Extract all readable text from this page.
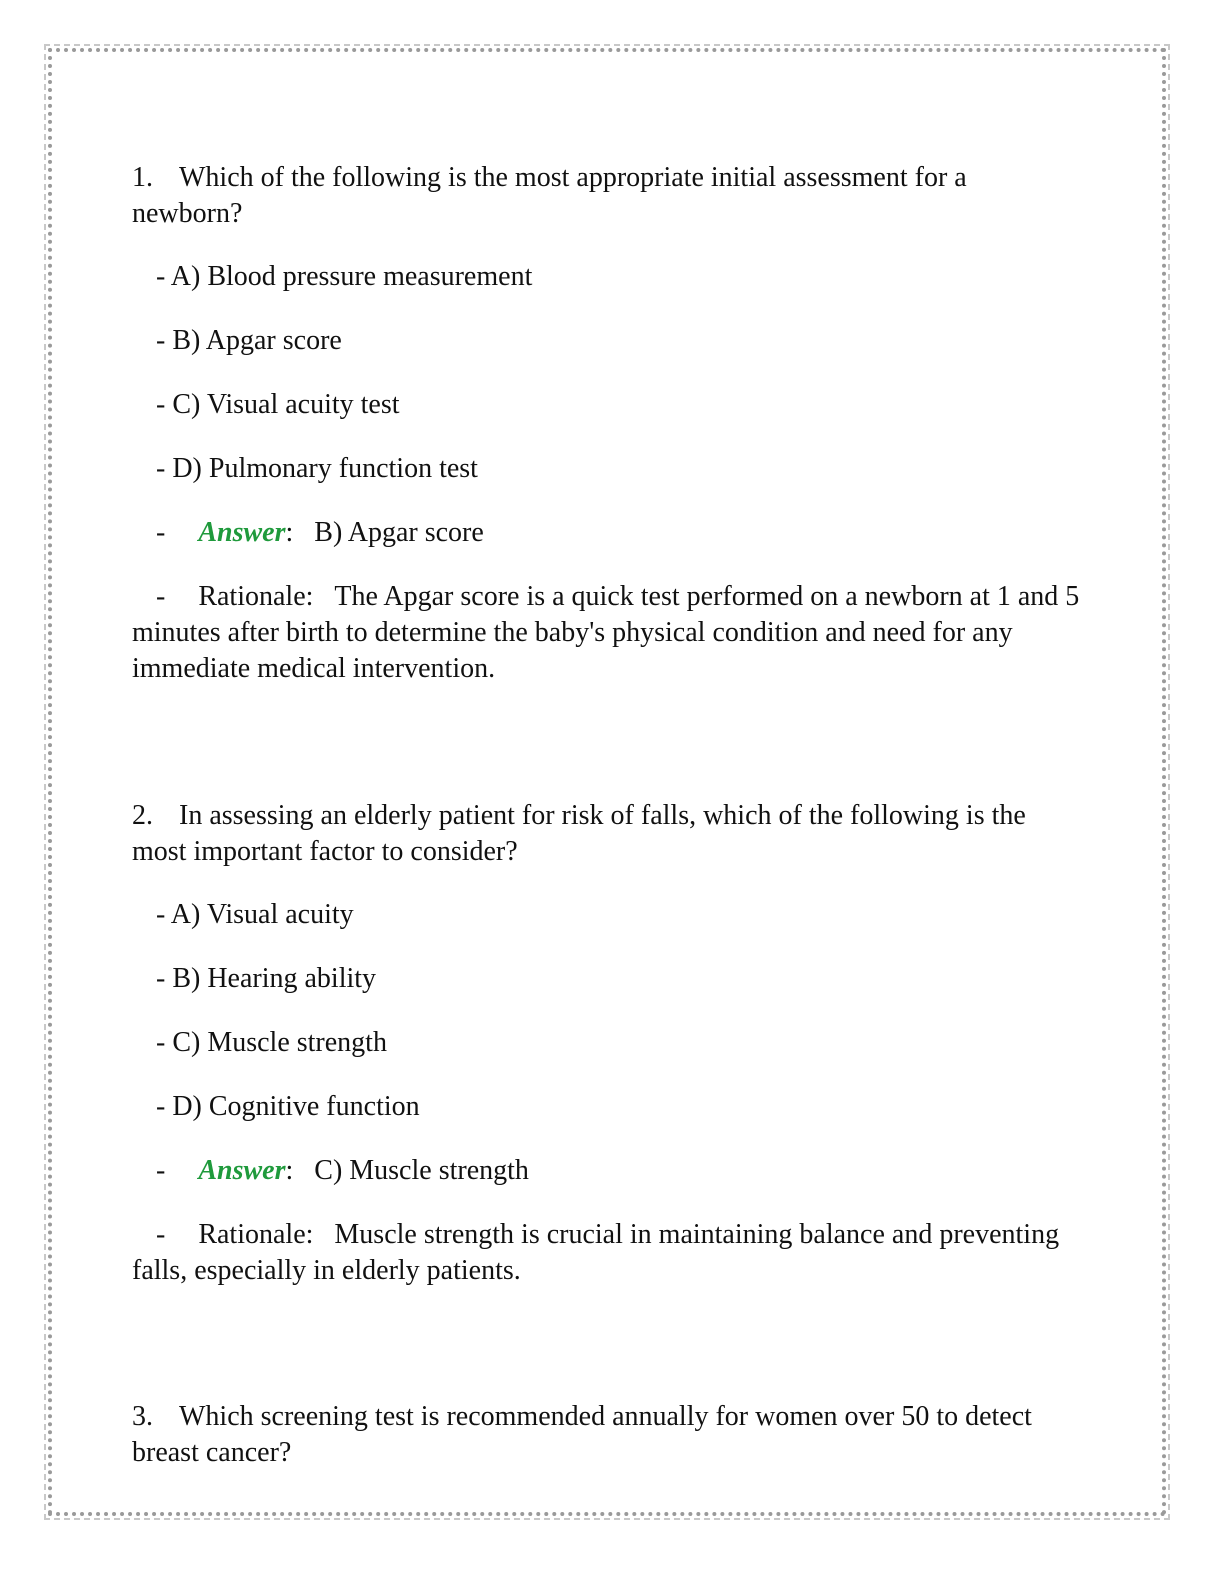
1. Which of the following is the most appropriate initial assessment for a newborn?

- A) Blood pressure measurement

- B) Apgar score

- C) Visual acuity test

- D) Pulmonary function test

- Answer: B) Apgar score

- Rationale: The Apgar score is a quick test performed on a newborn at 1 and 5 minutes after birth to determine the baby's physical condition and need for any immediate medical intervention.

2. In assessing an elderly patient for risk of falls, which of the following is the most important factor to consider?

- A) Visual acuity

- B) Hearing ability

- C) Muscle strength

- D) Cognitive function

- Answer: C) Muscle strength

- Rationale: Muscle strength is crucial in maintaining balance and preventing falls, especially in elderly patients.

3. Which screening test is recommended annually for women over 50 to detect breast cancer?
